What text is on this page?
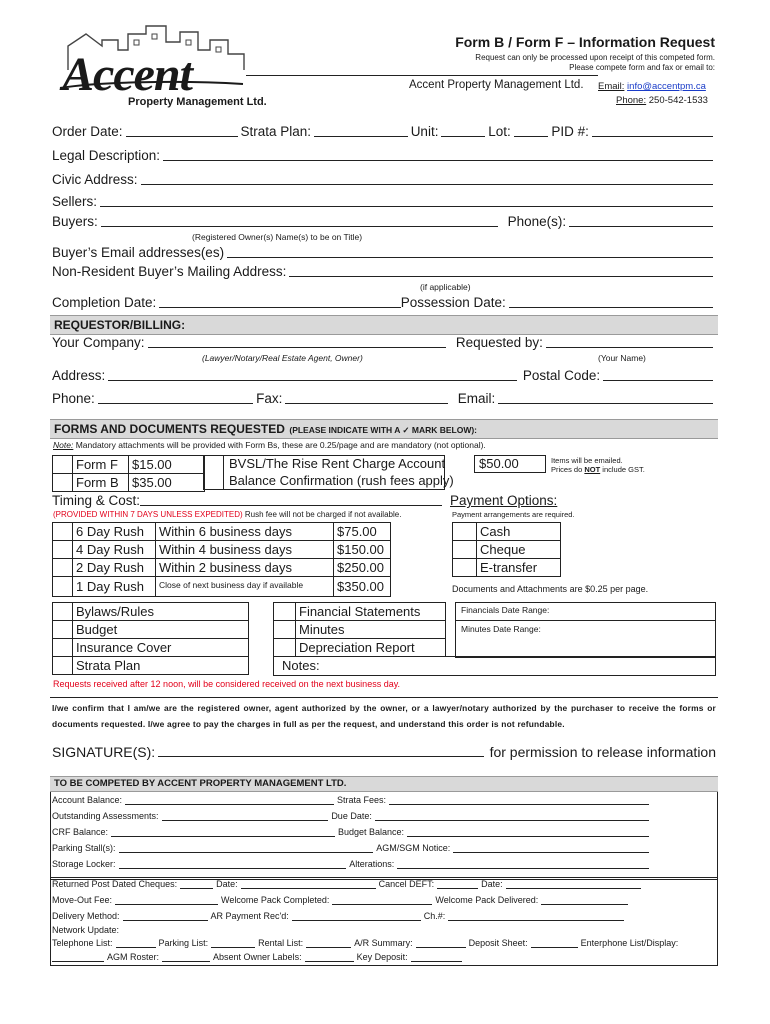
Accent
Property Management Ltd.
Form B / Form F – Information Request
Request can only be processed upon receipt of this competed form.
Please compete form and fax or email to:
Accent Property Management Ltd. Email: info@accentpm.ca
Phone: 250-542-1533
Order Date:	Strata Plan:	Unit:	Lot:	PID #:
Legal Description:
Civic Address:
Sellers:
Buyers:	Phone(s):
(Registered Owner(s) Name(s) to be on Title)
Buyer’s Email addresses(es)
Non-Resident Buyer’s Mailing Address:
(if applicable)
Completion Date:	Possession Date:
REQUESTOR/BILLING:
Your Company:	Requested by:
(Lawyer/Notary/Real Estate Agent, Owner)	(Your Name)
Address:	Postal Code:
Phone:	Fax:	Email:
FORMS AND DOCUMENTS REQUESTED (PLEASE INDICATE WITH A ✓ MARK BELOW):
Note: Mandatory attachments will be provided with Form Bs, these are 0.25/page and are mandatory (not optional).
	Form F	$15.00
	Form B	$35.00
BVSL/The Rise Rent Charge Account
Balance Confirmation (rush fees apply)
$50.00	Items will be emailed.
Prices do NOT include GST.
Timing & Cost:
(PROVIDED WITHIN 7 DAYS UNLESS EXPEDITED) Rush fee will not be charged if not available.
Payment Options:
Payment arrangements are required.
	6 Day Rush	Within 6 business days	$75.00
	4 Day Rush	Within 4 business days	$150.00
	2 Day Rush	Within 2 business days	$250.00
	1 Day Rush	Close of next business day if available	$350.00
	Cash
	Cheque
	E-transfer
Documents and Attachments are $0.25 per page.
	Bylaws/Rules
	Budget
	Insurance Cover
	Strata Plan
	Financial Statements
	Minutes
	Depreciation Report
Notes:
Financials Date Range:
Minutes Date Range:
Requests received after 12 noon, will be considered received on the next business day.
I/we confirm that I am/we are the registered owner, agent authorized by the owner, or a lawyer/notary authorized by the purchaser to receive the forms or documents requested. I/we agree to pay the charges in full as per the request, and understand this order is not refundable.
SIGNATURE(S):	for permission to release information
TO BE COMPETED BY ACCENT PROPERTY MANAGEMENT LTD.
Account Balance:	Strata Fees:
Outstanding Assessments:	Due Date:
CRF Balance:	Budget Balance:
Parking Stall(s):	AGM/SGM Notice:
Storage Locker:	Alterations:
Returned Post Dated Cheques:	Date:	Cancel DEFT:	Date:
Move-Out Fee:	Welcome Pack Completed:	Welcome Pack Delivered:
Delivery Method:	AR Payment Rec'd:	Ch.#:
Network Update:
Telephone List:	Parking List:	Rental List:	A/R Summary:	Deposit Sheet:	Enterphone List/Display:
AGM Roster:	Absent Owner Labels:	Key Deposit:
